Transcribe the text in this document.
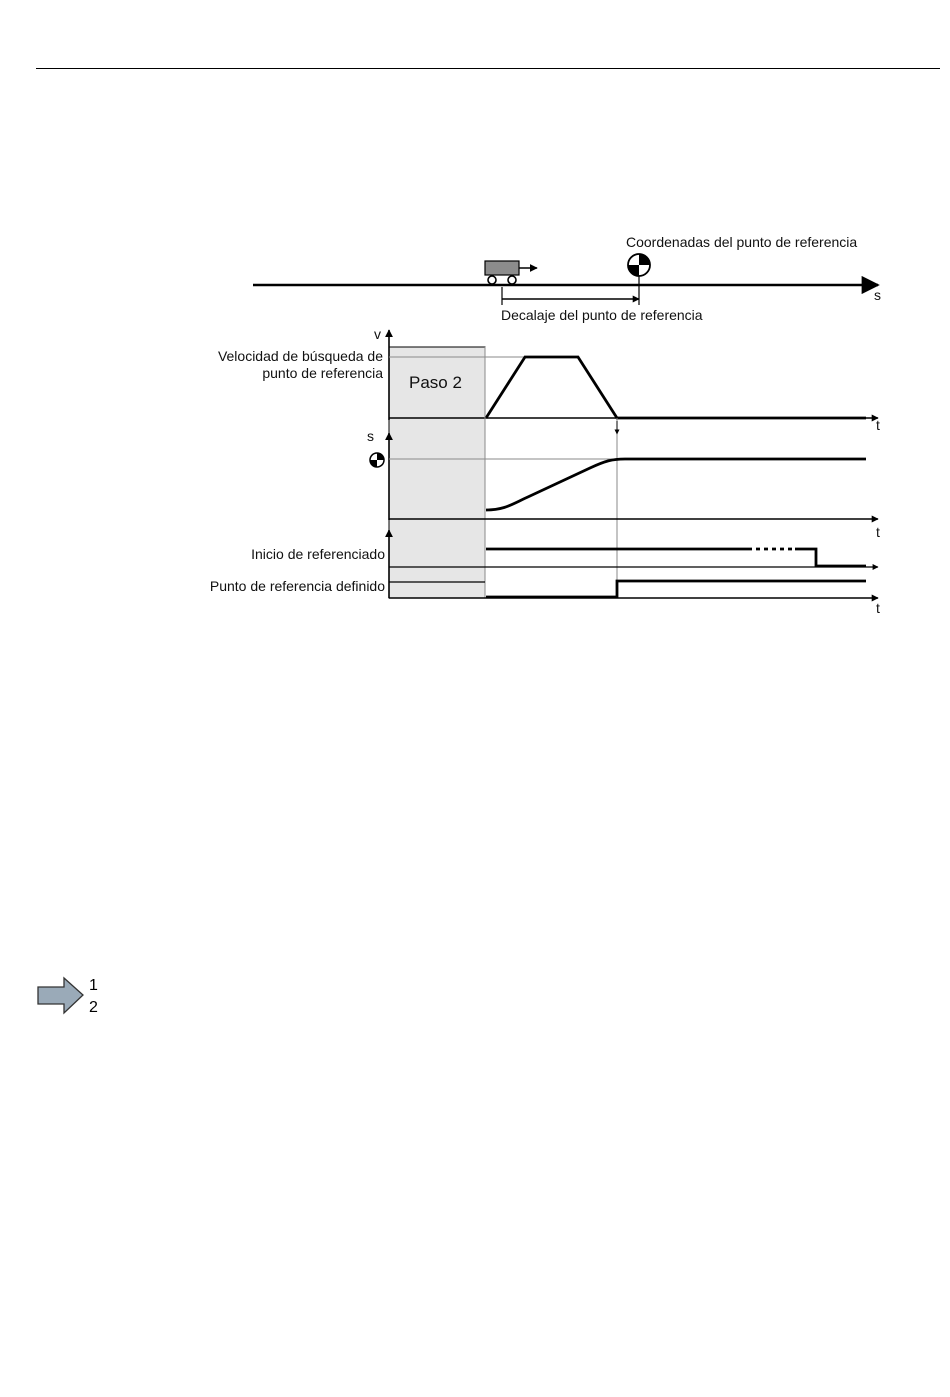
s
Coordenadas del punto de referencia
Decalaje del punto de referencia
Paso 2
v
Velocidad de búsqueda de
punto de referencia
t
s
t
Inicio de referenciado
Punto de referencia definido
t
1
2
